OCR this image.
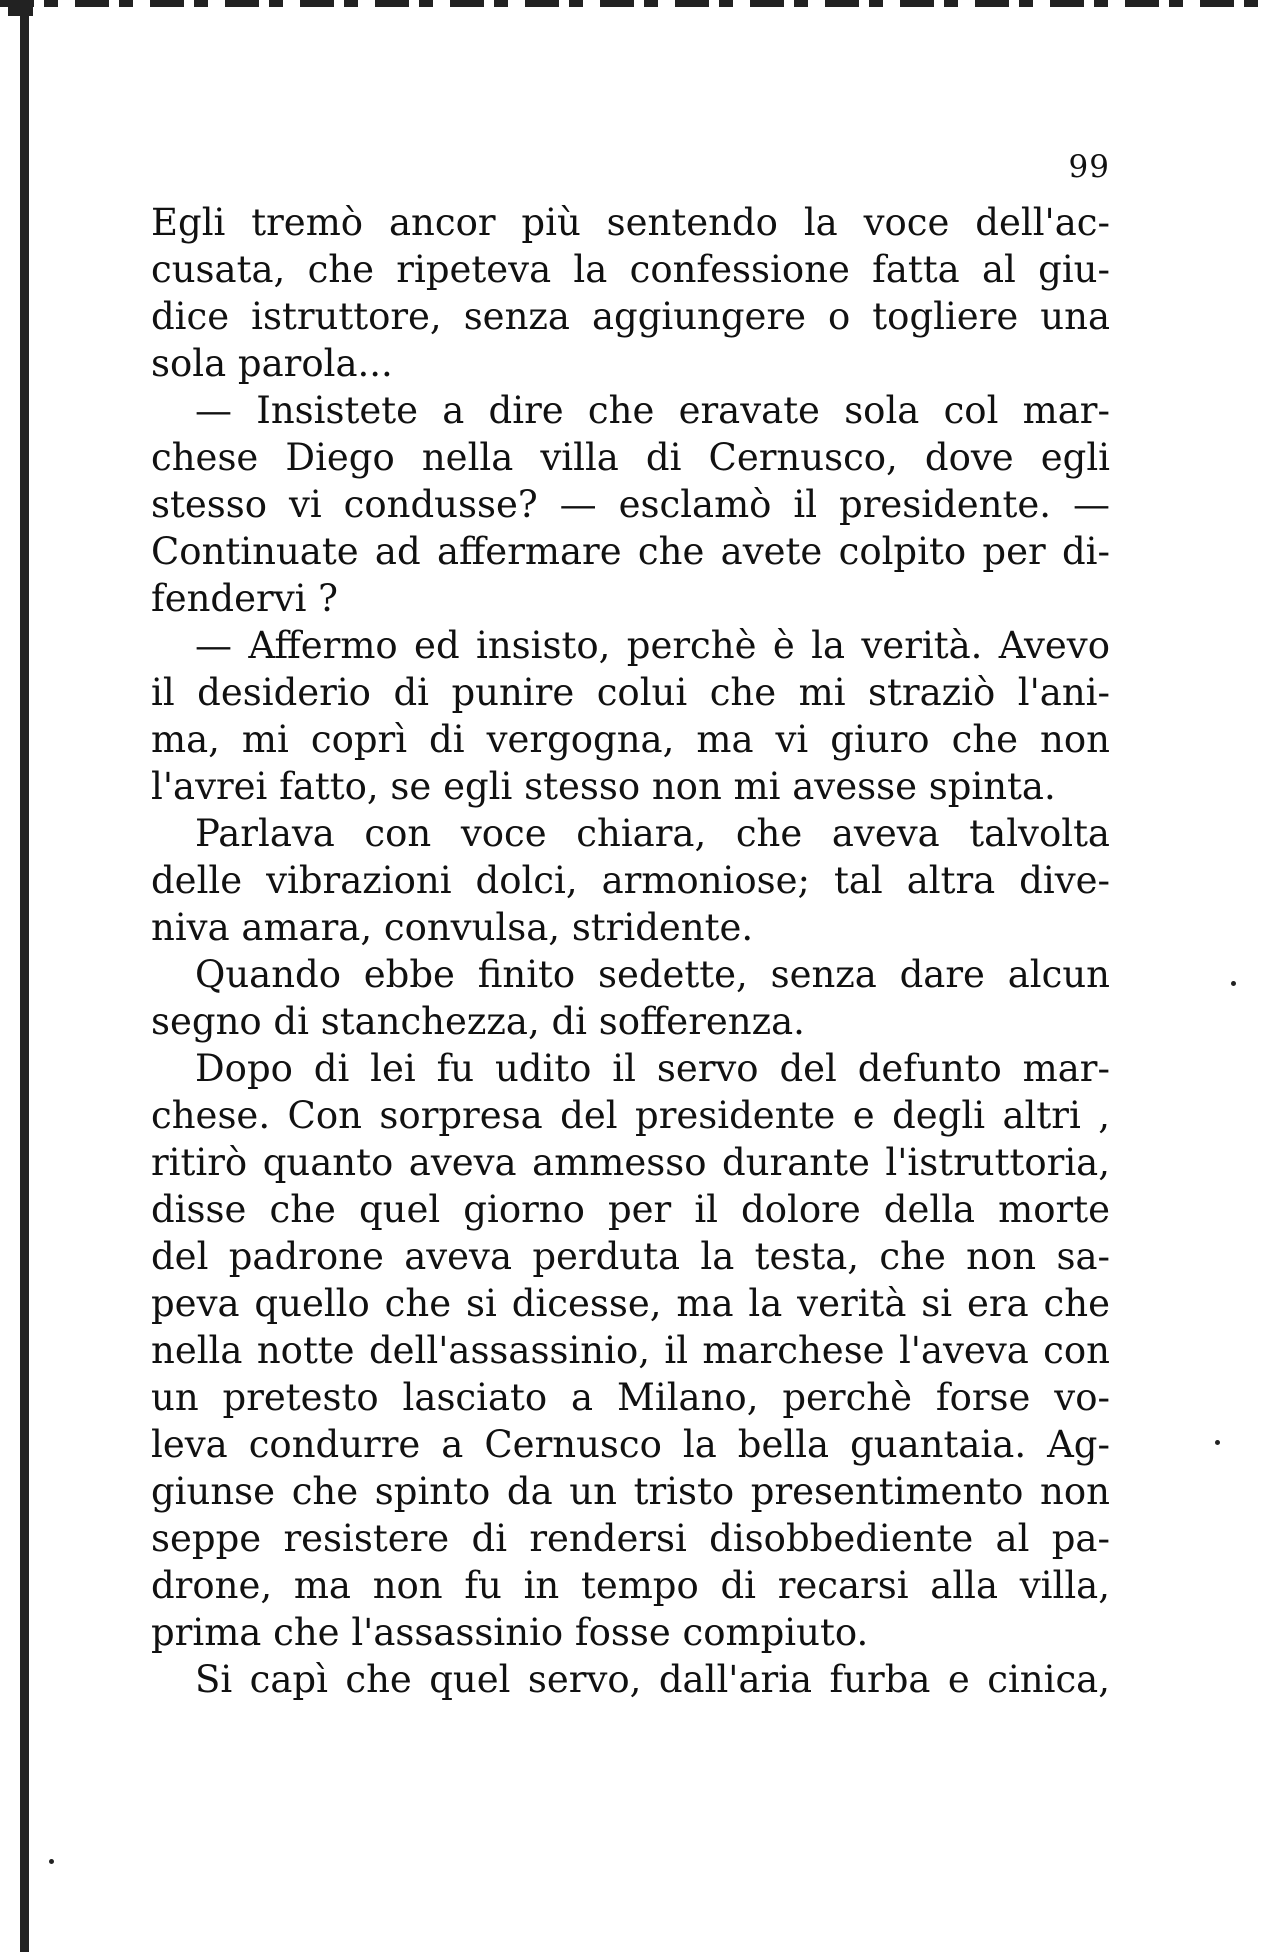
99
Egli tremò ancor più sentendo la voce dell'ac-
cusata, che ripeteva la confessione fatta al giu-
dice istruttore, senza aggiungere o togliere una
sola parola...
— Insistete a dire che eravate sola col mar-
chese Diego nella villa di Cernusco, dove egli
stesso vi condusse? — esclamò il presidente. —
Continuate ad affermare che avete colpito per di-
fendervi ?
— Affermo ed insisto, perchè è la verità. Avevo
il desiderio di punire colui che mi straziò l'ani-
ma, mi coprì di vergogna, ma vi giuro che non
l'avrei fatto, se egli stesso non mi avesse spinta.
Parlava con voce chiara, che aveva talvolta
delle vibrazioni dolci, armoniose; tal altra dive-
niva amara, convulsa, stridente.
Quando ebbe finito sedette, senza dare alcun
segno di stanchezza, di sofferenza.
Dopo di lei fu udito il servo del defunto mar-
chese. Con sorpresa del presidente e degli altri ,
ritirò quanto aveva ammesso durante l'istruttoria,
disse che quel giorno per il dolore della morte
del padrone aveva perduta la testa, che non sa-
peva quello che si dicesse, ma la verità si era che
nella notte dell'assassinio, il marchese l'aveva con
un pretesto lasciato a Milano, perchè forse vo-
leva condurre a Cernusco la bella guantaia. Ag-
giunse che spinto da un tristo presentimento non
seppe resistere di rendersi disobbediente al pa-
drone, ma non fu in tempo di recarsi alla villa,
prima che l'assassinio fosse compiuto.
Si capì che quel servo, dall'aria furba e cinica,
